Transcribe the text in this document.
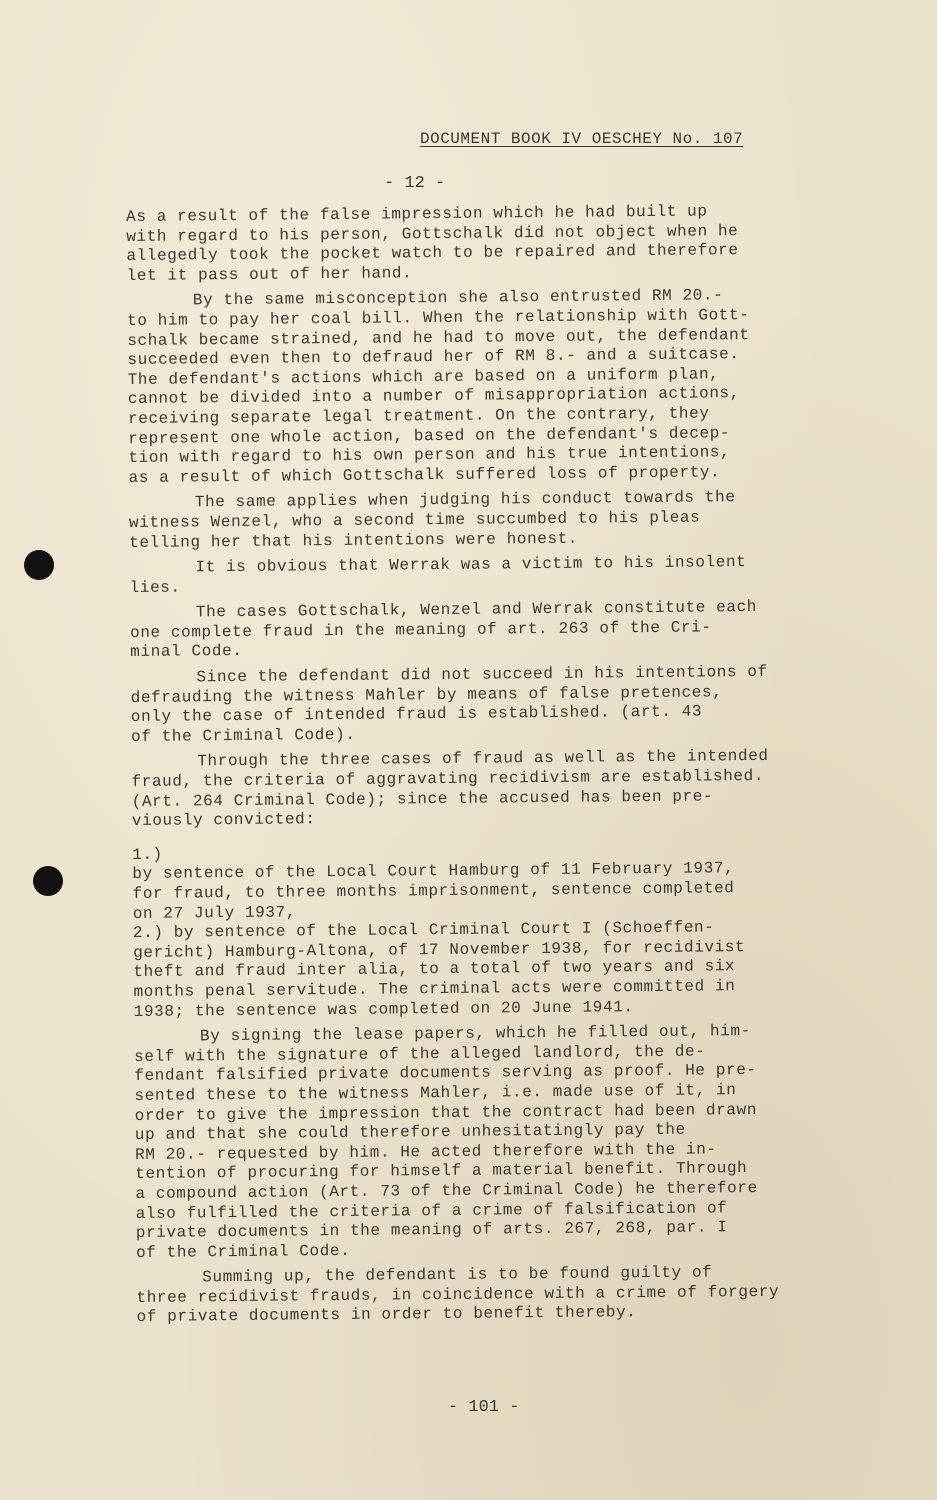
DOCUMENT BOOK IV OESCHEY No. 107
- 12 -
As a result of the false impression which he had built up
with regard to his person, Gottschalk did not object when he
allegedly took the pocket watch to be repaired and therefore
let it pass out of her hand.
By the same misconception she also entrusted RM 20.-
to him to pay her coal bill. When the relationship with Gott-
schalk became strained, and he had to move out, the defendant
succeeded even then to defraud her of RM 8.- and a suitcase.
The defendant's actions which are based on a uniform plan,
cannot be divided into a number of misappropriation actions,
receiving separate legal treatment. On the contrary, they
represent one whole action, based on the defendant's decep-
tion with regard to his own person and his true intentions,
as a result of which Gottschalk suffered loss of property.
The same applies when judging his conduct towards the
witness Wenzel, who a second time succumbed to his pleas
telling her that his intentions were honest.
It is obvious that Werrak was a victim to his insolent
lies.
The cases Gottschalk, Wenzel and Werrak constitute each
one complete fraud in the meaning of art. 263 of the Cri-
minal Code.
Since the defendant did not succeed in his intentions of
defrauding the witness Mahler by means of false pretences,
only the case of intended fraud is established. (art. 43
of the Criminal Code).
Through the three cases of fraud as well as the intended
fraud, the criteria of aggravating recidivism are established.
(Art. 264 Criminal Code); since the accused has been pre-
viously convicted:
1.)
by sentence of the Local Court Hamburg of 11 February 1937,
for fraud, to three months imprisonment, sentence completed
on 27 July 1937,
2.) by sentence of the Local Criminal Court I (Schoeffen-
gericht) Hamburg-Altona, of 17 November 1938, for recidivist
theft and fraud inter alia, to a total of two years and six
months penal servitude. The criminal acts were committed in
1938; the sentence was completed on 20 June 1941.
By signing the lease papers, which he filled out, him-
self with the signature of the alleged landlord, the de-
fendant falsified private documents serving as proof. He pre-
sented these to the witness Mahler, i.e. made use of it, in
order to give the impression that the contract had been drawn
up and that she could therefore unhesitatingly pay the
RM 20.- requested by him. He acted therefore with the in-
tention of procuring for himself a material benefit. Through
a compound action (Art. 73 of the Criminal Code) he therefore
also fulfilled the criteria of a crime of falsification of
private documents in the meaning of arts. 267, 268, par. I
of the Criminal Code.
Summing up, the defendant is to be found guilty of
three recidivist frauds, in coincidence with a crime of forgery
of private documents in order to benefit thereby.
- 101 -
